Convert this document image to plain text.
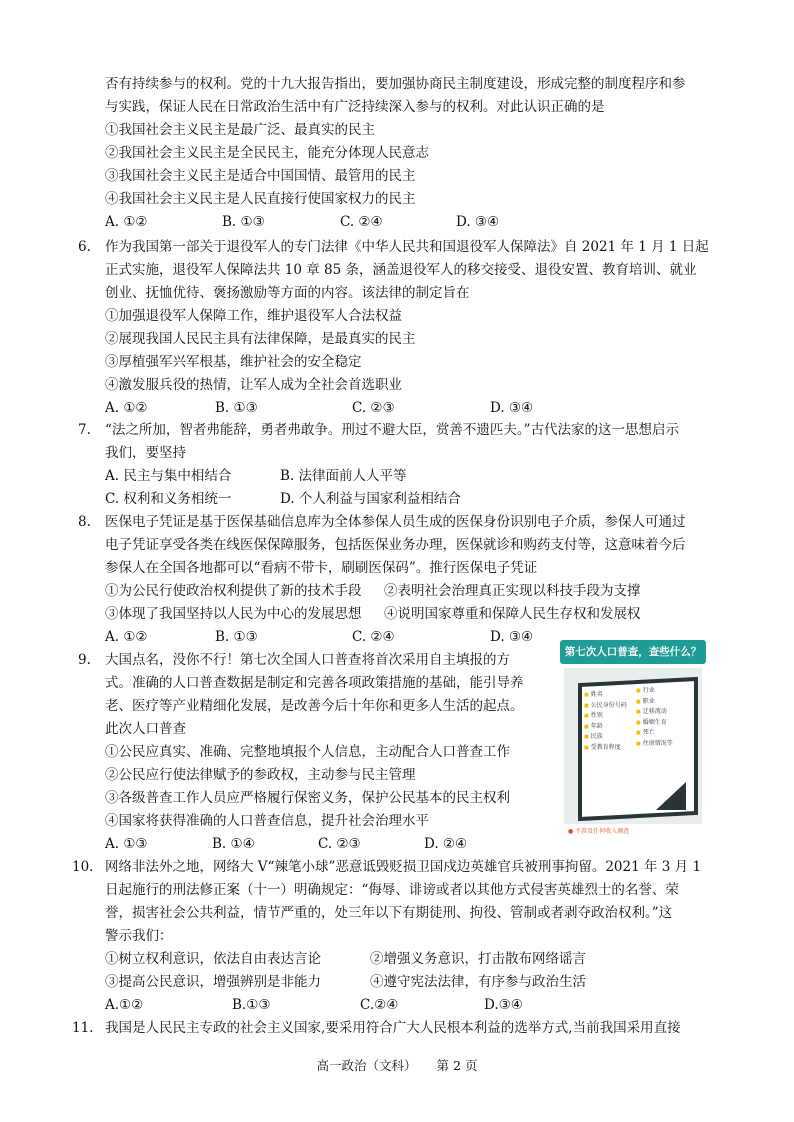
否有持续参与的权利。党的十九大报告指出，要加强协商民主制度建设，形成完整的制度程序和参
与实践，保证人民在日常政治生活中有广泛持续深入参与的权利。对此认识正确的是
①我国社会主义民主是最广泛、最真实的民主
②我国社会主义民主是全民民主，能充分体现人民意志
③我国社会主义民主是适合中国国情、最管用的民主
④我国社会主义民主是人民直接行使国家权力的民主
A. ①②	B. ①③	C. ②④	D. ③④
6. 作为我国第一部关于退役军人的专门法律《中华人民共和国退役军人保障法》自 2021 年 1 月 1 日起
正式实施，退役军人保障法共 10 章 85 条，涵盖退役军人的移交接受、退役安置、教育培训、就业
创业、抚恤优待、褒扬激励等方面的内容。该法律的制定旨在
①加强退役军人保障工作，维护退役军人合法权益
②展现我国人民民主具有法律保障，是最真实的民主
③厚植强军兴军根基，维护社会的安全稳定
④激发服兵役的热情，让军人成为全社会首选职业
A. ①②	B. ①③	C. ②③	D. ③④
7. “法之所加，智者弗能辞，勇者弗敢争。刑过不避大臣，赏善不遗匹夫。”古代法家的这一思想启示
我们，要坚持
A. 民主与集中相结合	B. 法律面前人人平等
C. 权利和义务相统一	D. 个人利益与国家利益相结合
8. 医保电子凭证是基于医保基础信息库为全体参保人员生成的医保身份识别电子介质，参保人可通过
电子凭证享受各类在线医保保障服务，包括医保业务办理，医保就诊和购药支付等，这意味着今后
参保人在全国各地都可以“看病不带卡，刷刷医保码”。推行医保电子凭证
①为公民行使政治权利提供了新的技术手段 ②表明社会治理真正实现以科技手段为支撑
③体现了我国坚持以人民为中心的发展思想 ④说明国家尊重和保障人民生存权和发展权
A. ①②	B. ①③	C. ②④	D. ③④
9. 大国点名，没你不行！第七次全国人口普查将首次采用自主填报的方
式。准确的人口普查数据是制定和完善各项政策措施的基础，能引导养
老、医疗等产业精细化发展，是改善今后十年你和更多人生活的起点。
此次人口普查
①公民应真实、准确、完整地填报个人信息，主动配合人口普查工作
②公民应行使法律赋予的参政权，主动参与民主管理
③各级普查工作人员应严格履行保密义务，保护公民基本的民主权利
④国家将获得准确的人口普查信息，提升社会治理水平
A. ①③	B. ①④	C. ②③	D. ②④
第七次人口普查，查些什么？
■ 姓名
■ 公民身份号码
■ 性别
■ 年龄
■ 民族
■ 受教育程度
■ 行业
■ 职业
■ 迁移流动
■ 婚姻生育
■ 死亡
■ 住房情况等
● 不涉及任何收入调查
10. 网络非法外之地，网络大 V“辣笔小球”恶意诋毁贬损卫国戍边英雄官兵被刑事拘留。2021 年 3 月 1
日起施行的刑法修正案（十一）明确规定：“侮辱、诽谤或者以其他方式侵害英雄烈士的名誉、荣
誉，损害社会公共利益，情节严重的，处三年以下有期徒刑、拘役、管制或者剥夺政治权利。”这
警示我们：
①树立权利意识，依法自由表达言论	②增强义务意识，打击散布网络谣言
③提高公民意识，增强辨别是非能力	④遵守宪法法律，有序参与政治生活
A.①②	B.①③	C.②④	D.③④
11. 我国是人民民主专政的社会主义国家,要采用符合广大人民根本利益的选举方式,当前我国采用直接
高一政治（文科） 第 2 页
